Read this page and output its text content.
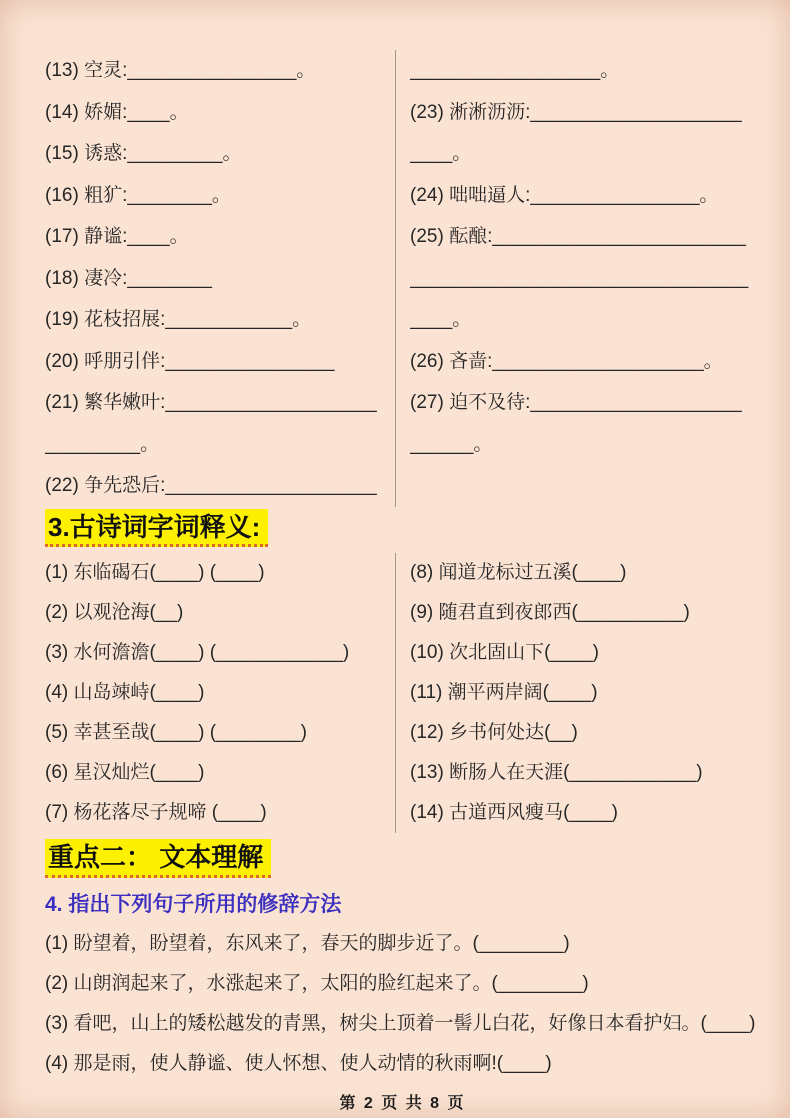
(13) 空灵:________________。
(14) 娇媚:____。
(15) 诱惑:_________。
(16) 粗犷:________。
(17) 静谧:____。
(18) 凄冷:________
(19) 花枝招展:____________。
(20) 呼朋引伴:________________
(21) 繁华嫩叶:____________________
_________。
(22) 争先恐后:____________________
__________________。
(23) 淅淅沥沥:____________________
____。
(24) 咄咄逼人:________________。
(25) 酝酿:________________________
________________________________
____。
(26) 吝啬:____________________。
(27) 迫不及待:____________________
______。
3.古诗词字词释义:
(1) 东临碣石(____) (____)
(2) 以观沧海(__)
(3) 水何澹澹(____) (____________)
(4) 山岛竦峙(____)
(5) 幸甚至哉(____) (________)
(6) 星汉灿烂(____)
(7) 杨花落尽子规啼 (____)
(8) 闻道龙标过五溪(____)
(9) 随君直到夜郎西(__________)
(10) 次北固山下(____)
(11) 潮平两岸阔(____)
(12) 乡书何处达(__)
(13) 断肠人在天涯(____________)
(14) 古道西风瘦马(____)
重点二： 文本理解
4. 指出下列句子所用的修辞方法
(1) 盼望着，盼望着，东风来了，春天的脚步近了。(________)
(2) 山朗润起来了，水涨起来了，太阳的脸红起来了。(________)
(3) 看吧，山上的矮松越发的青黑，树尖上顶着一髻儿白花，好像日本看护妇。(____)
(4) 那是雨，使人静谧、使人怀想、使人动情的秋雨啊!(____)
第 2 页 共 8 页
